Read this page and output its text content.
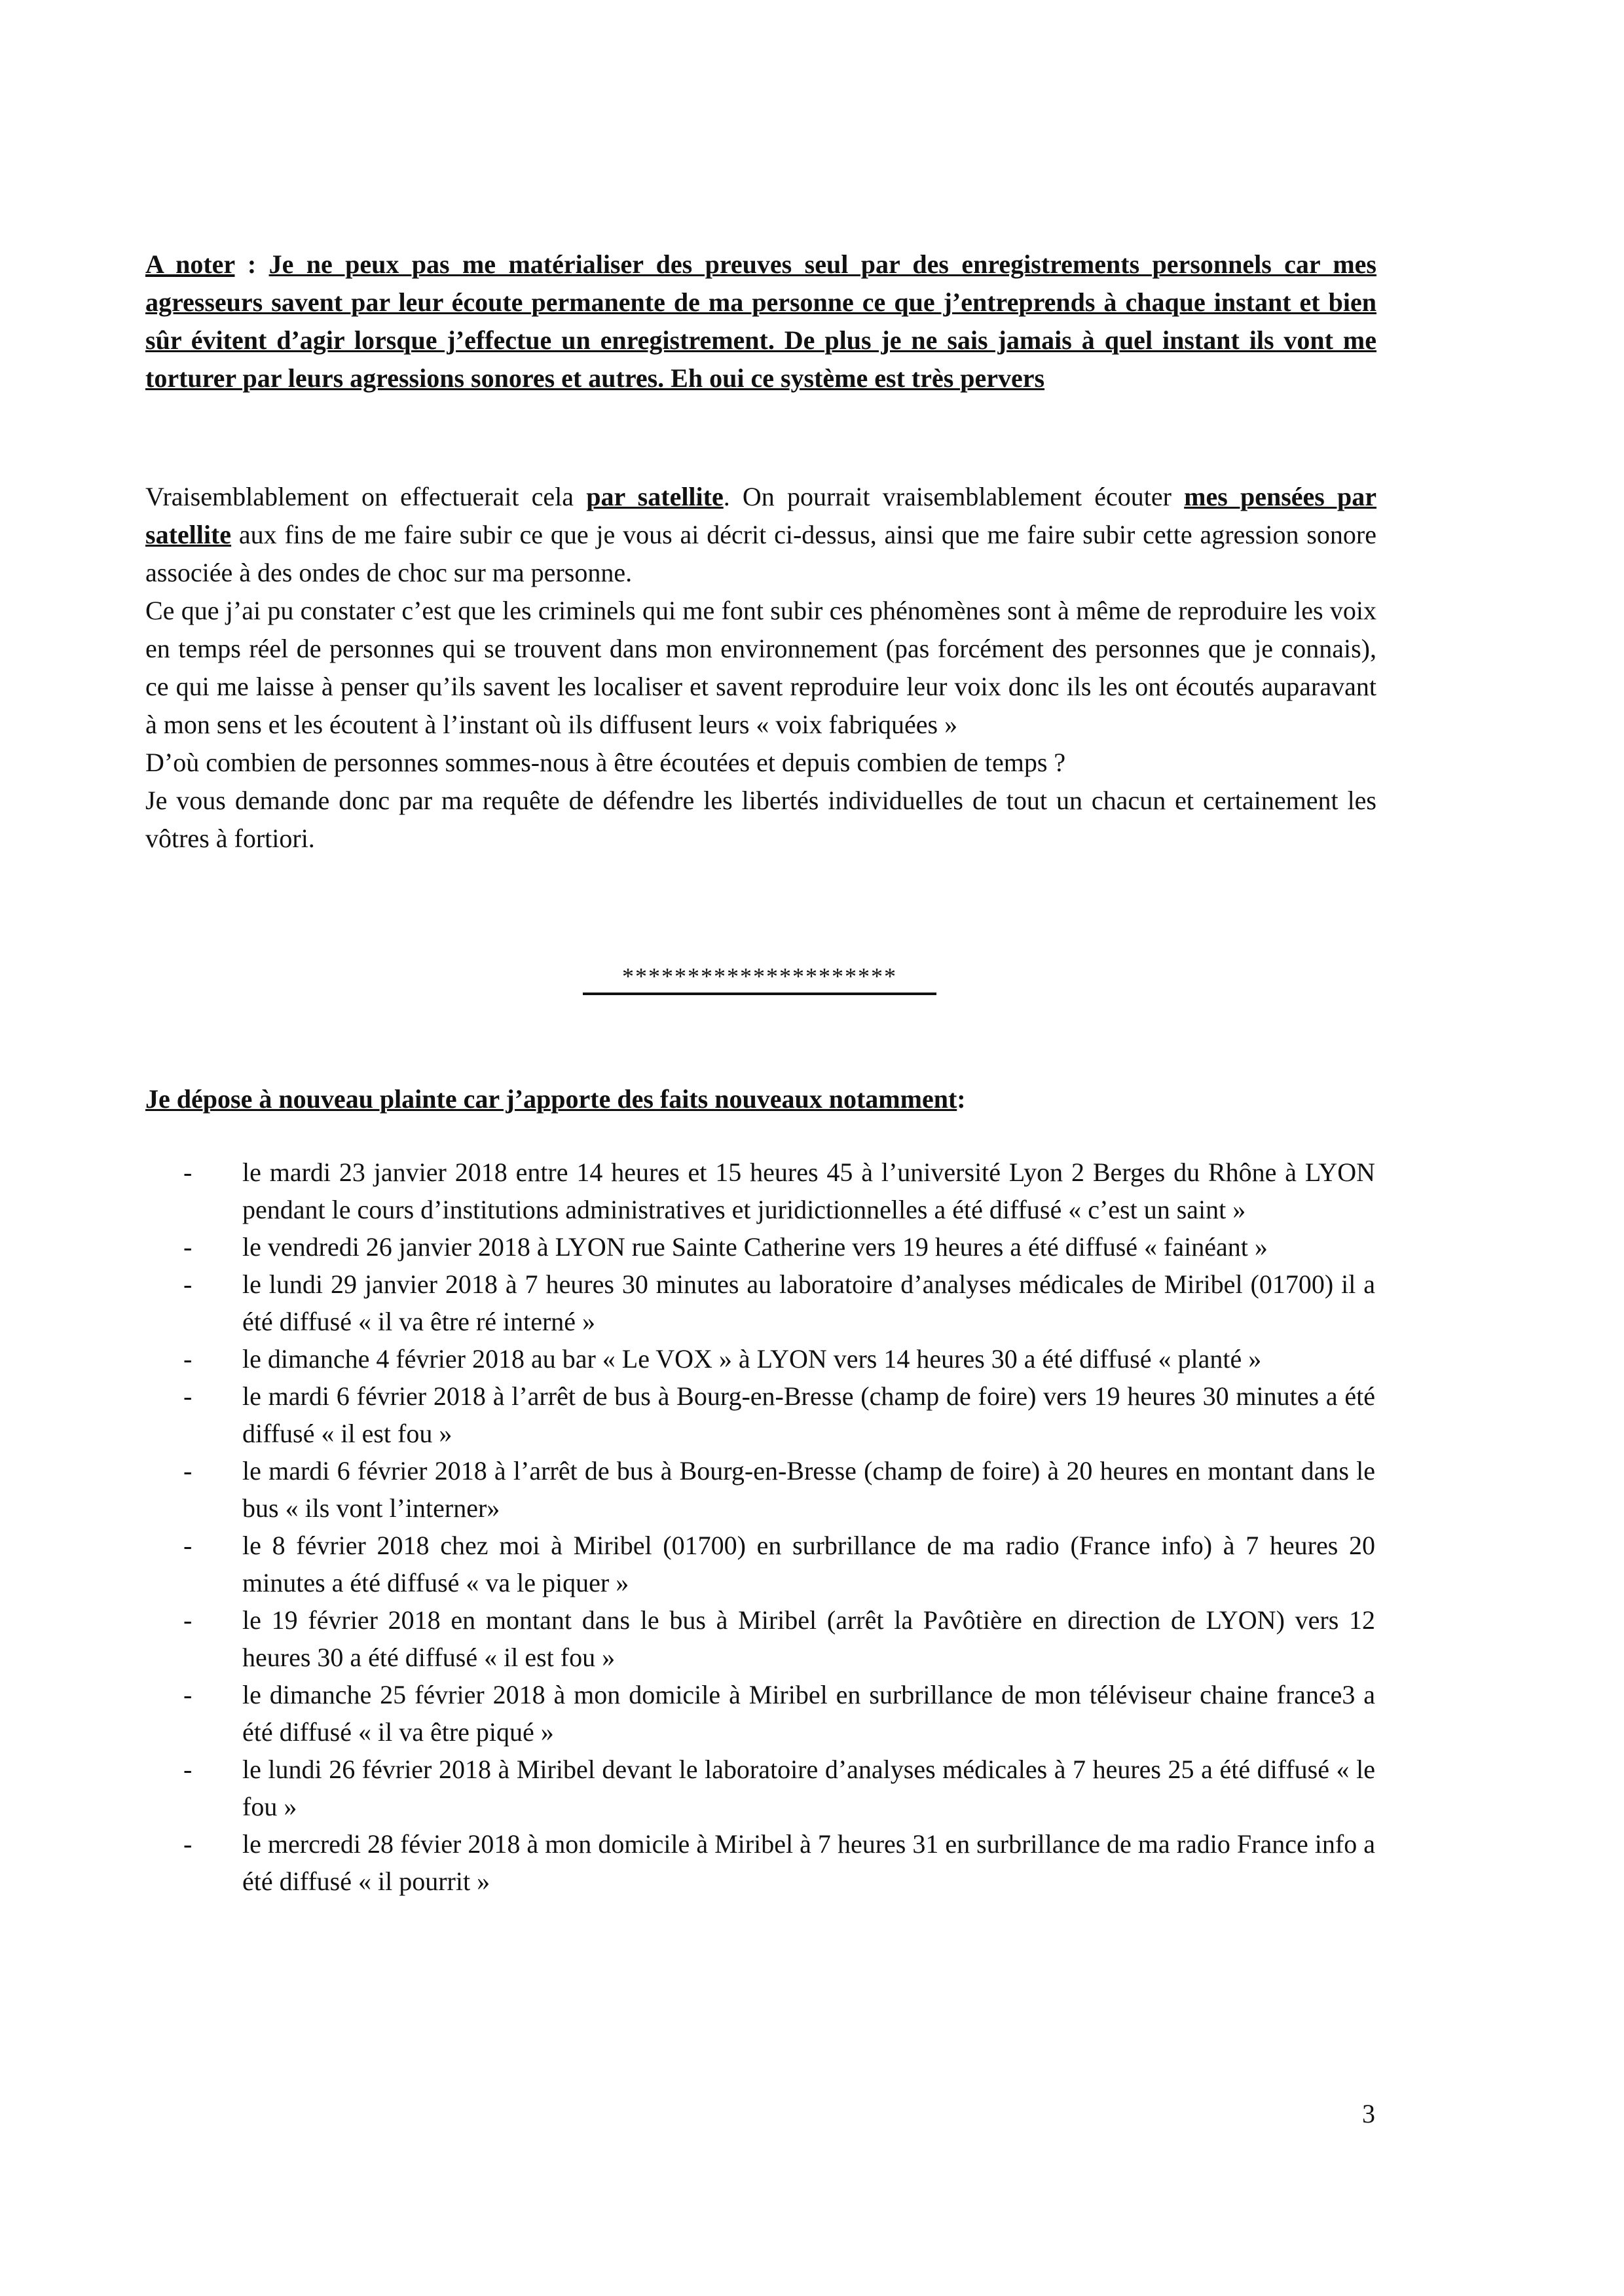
A noter : Je ne peux pas me matérialiser des preuves seul par des enregistrements personnels car mes agresseurs savent par leur écoute permanente de ma personne ce que j’entreprends à chaque instant et bien sûr évitent d’agir lorsque j’effectue un enregistrement. De plus je ne sais jamais à quel instant ils vont me torturer par leurs agressions sonores et autres. Eh oui ce système est très pervers

Vraisemblablement on effectuerait cela par satellite. On pourrait vraisemblablement écouter mes pensées par satellite aux fins de me faire subir ce que je vous ai décrit ci-dessus, ainsi que me faire subir cette agression sonore associée à des ondes de choc sur ma personne.

Ce que j’ai pu constater c’est que les criminels qui me font subir ces phénomènes sont à même de reproduire les voix en temps réel de personnes qui se trouvent dans mon environnement (pas forcément des personnes que je connais), ce qui me laisse à penser qu’ils savent les localiser et savent reproduire leur voix donc ils les ont écoutés auparavant à mon sens et les écoutent à l’instant où ils diffusent leurs « voix fabriquées »

D’où combien de personnes sommes-nous à être écoutées et depuis combien de temps ?

Je vous demande donc par ma requête de défendre les libertés individuelles de tout un chacun et certainement les vôtres à fortiori.

*********************
Je dépose à nouveau plainte car j’apporte des faits nouveaux notamment:
- le mardi 23 janvier 2018 entre 14 heures et 15 heures 45 à l’université Lyon 2 Berges du Rhône à LYON pendant le cours d’institutions administratives et juridictionnelles a été diffusé « c’est un saint »
- le vendredi 26 janvier 2018 à LYON rue Sainte Catherine vers 19 heures a été diffusé « fainéant »
- le lundi 29 janvier 2018 à 7 heures 30 minutes au laboratoire d’analyses médicales de Miribel (01700) il a été diffusé « il va être ré interné »
- le dimanche 4 février 2018 au bar « Le VOX » à LYON vers 14 heures 30 a été diffusé « planté »
- le mardi 6 février 2018 à l’arrêt de bus à Bourg-en-Bresse (champ de foire) vers 19 heures 30 minutes a été diffusé « il est fou »
- le mardi 6 février 2018 à l’arrêt de bus à Bourg-en-Bresse (champ de foire) à 20 heures en montant dans le bus « ils vont l’interner»
- le 8 février 2018 chez moi à Miribel (01700) en surbrillance de ma radio (France info) à 7 heures 20 minutes a été diffusé « va le piquer »
- le 19 février 2018 en montant dans le bus à Miribel (arrêt la Pavôtière en direction de LYON) vers 12 heures 30 a été diffusé « il est fou »
- le dimanche 25 février 2018 à mon domicile à Miribel en surbrillance de mon téléviseur chaine france3 a été diffusé « il va être piqué »
- le lundi 26 février 2018 à Miribel devant le laboratoire d’analyses médicales à 7 heures 25 a été diffusé « le fou »
- le mercredi 28 févier 2018 à mon domicile à Miribel à 7 heures 31 en surbrillance de ma radio France info a été diffusé « il pourrit »
3
